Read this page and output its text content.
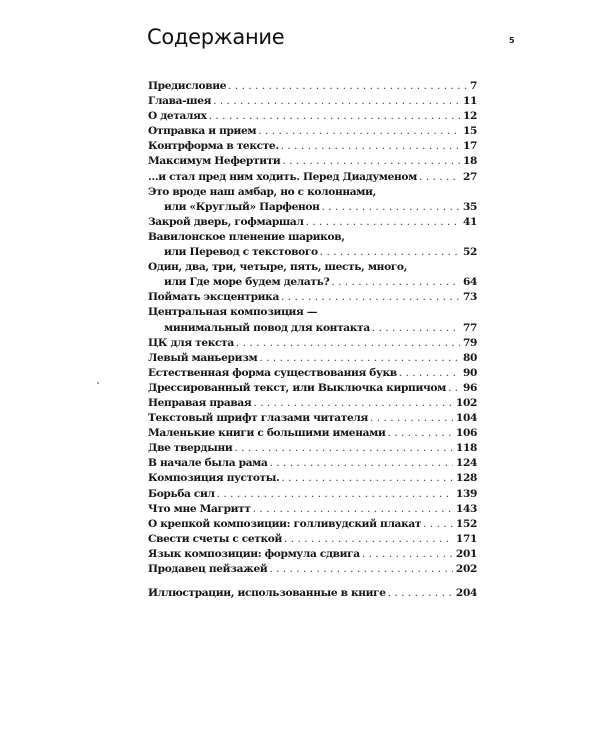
Содержание	5
Предисловие . . .	7
Глава-шея . . .	11
О деталях . . .	12
Отправка и прием . . .	15
Контрформа в тексте. . . .	17
Максимум Нефертити . . .	18
…и стал пред ним ходить. Перед Диадуменом . . .	27
Это вроде наш амбар, но с колоннами,
или «Круглый» Парфенон . . .	35
Закрой дверь, гофмаршал . . .	41
Вавилонское пленение шариков,
или Перевод с текстового . . .	52
Один, два, три, четыре, пять, шесть, много,
или Где море будем делать? . . .	64
Поймать эксцентрика . . .	73
Центральная композиция —
минимальный повод для контакта . . .	77
ЦК для текста . . .	79
Левый маньеризм . . .	80
Естественная форма существования букв . . .	90
Дрессированный текст, или Выключка кирпичом . . . 96
Неправая правая . . .	102
Текстовый шрифт глазами читателя . . .	104
Маленькие книги с большими именами . . .	106
Две твердыни . . .	118
В начале была рама . . .	124
Композиция пустоты. . . .	128
Борьба сил . . .	139
Что мне Магритт . . .	143
О крепкой композиции: голливудский плакат . . .	152
Свести счеты с сеткой . . .	171
Язык композиции: формула сдвига . . .	201
Продавец пейзажей . . .	202
Иллюстрации, использованные в книге . . .	204
